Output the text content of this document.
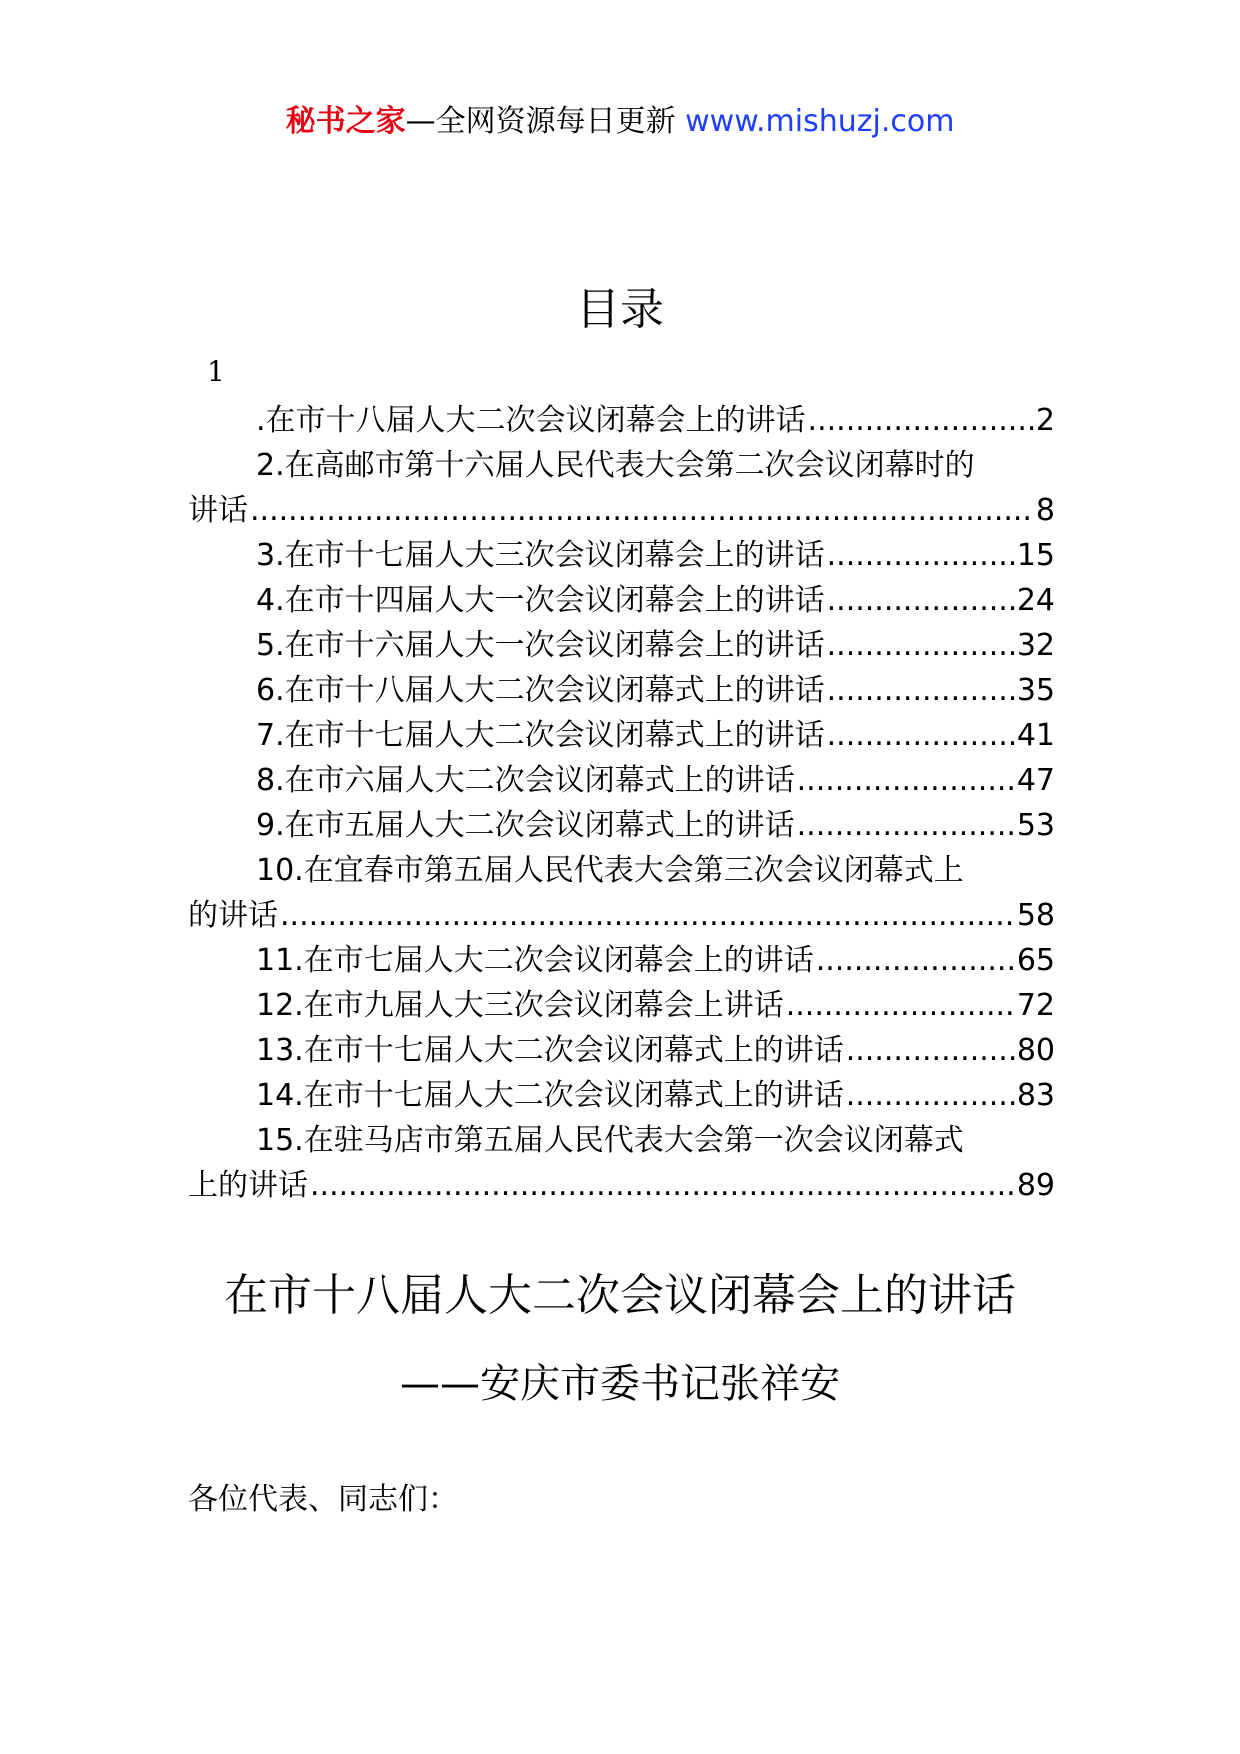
秘书之家—全网资源每日更新 www.mishuzj.com
目录
1
.在市十八届人大二次会议闭幕会上的讲话 .....	2
2.在高邮市第十六届人民代表大会第二次会议闭幕时的
讲话 .....	8
3.在市十七届人大三次会议闭幕会上的讲话 .....	15
4.在市十四届人大一次会议闭幕会上的讲话 .....	24
5.在市十六届人大一次会议闭幕会上的讲话 .....	32
6.在市十八届人大二次会议闭幕式上的讲话 .....	35
7.在市十七届人大二次会议闭幕式上的讲话 .....	41
8.在市六届人大二次会议闭幕式上的讲话 .....	47
9.在市五届人大二次会议闭幕式上的讲话 .....	53
10.在宜春市第五届人民代表大会第三次会议闭幕式上
的讲话 .....	58
11.在市七届人大二次会议闭幕会上的讲话 .....	65
12.在市九届人大三次会议闭幕会上讲话 .....	72
13.在市十七届人大二次会议闭幕式上的讲话 .....	80
14.在市十七届人大二次会议闭幕式上的讲话 .....	83
15.在驻马店市第五届人民代表大会第一次会议闭幕式
上的讲话 .....	89
在市十八届人大二次会议闭幕会上的讲话
——安庆市委书记张祥安
各位代表、同志们：
